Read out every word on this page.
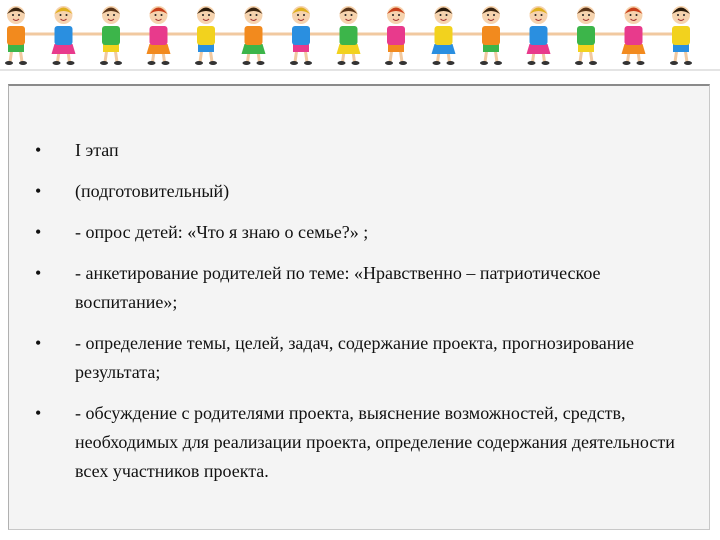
• I этап
• (подготовительный)
• - опрос детей: «Что я знаю о семье?» ;
• - анкетирование родителей по теме: «Нравственно – патриотическое воспитание»;
• - определение темы, целей, задач, содержание проекта, прогнозирование результата;
• - обсуждение с родителями проекта, выяснение возможностей, средств, необходимых для реализации проекта, определение содержания деятельности всех участников проекта.
